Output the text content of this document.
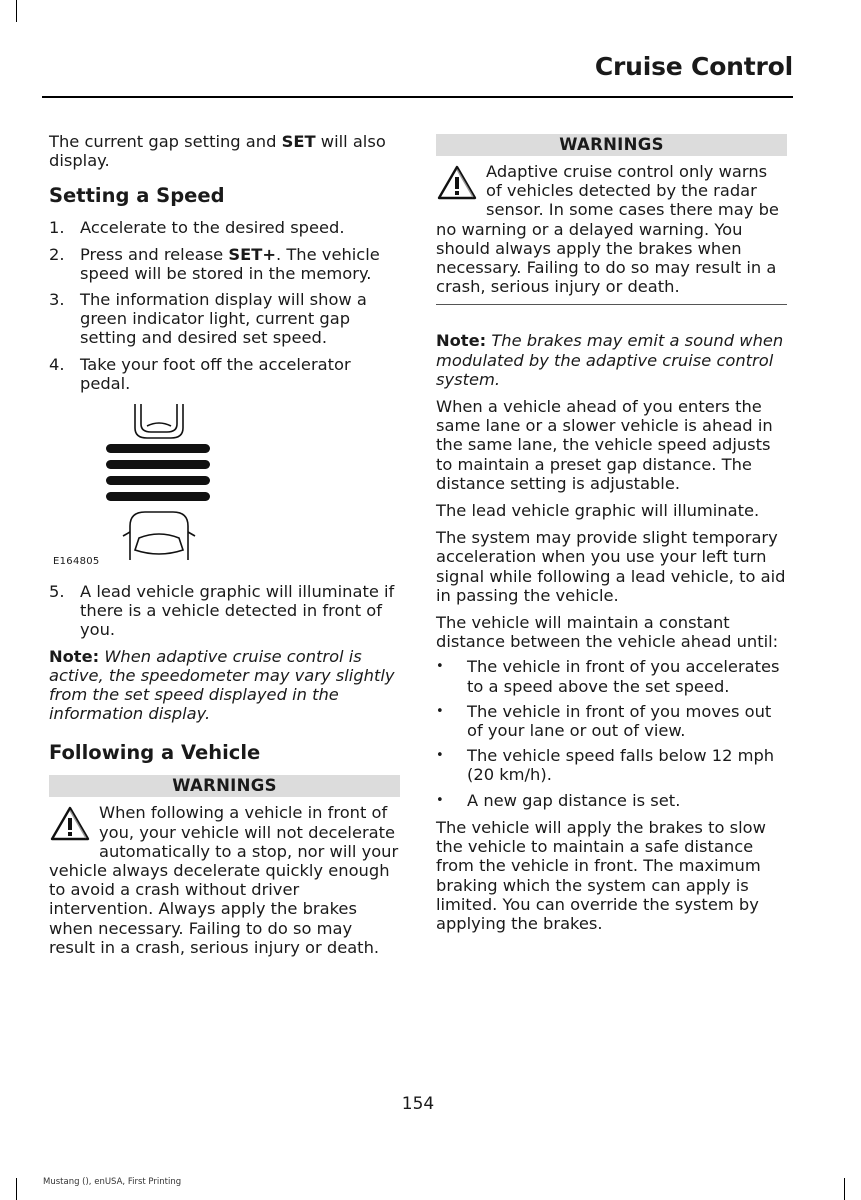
Cruise Control

The current gap setting and SET will also display.

Setting a Speed
1. Accelerate to the desired speed.
2. Press and release SET+. The vehicle speed will be stored in the memory.
3. The information display will show a green indicator light, current gap setting and desired set speed.
4. Take your foot off the accelerator pedal.
E164805
5. A lead vehicle graphic will illuminate if there is a vehicle detected in front of you.

Note: When adaptive cruise control is active, the speedometer may vary slightly from the set speed displayed in the information display.

Following a Vehicle
WARNINGS
When following a vehicle in front of you, your vehicle will not decelerate automatically to a stop, nor will your vehicle always decelerate quickly enough to avoid a crash without driver intervention. Always apply the brakes when necessary. Failing to do so may result in a crash, serious injury or death.
WARNINGS
Adaptive cruise control only warns of vehicles detected by the radar sensor. In some cases there may be no warning or a delayed warning. You should always apply the brakes when necessary. Failing to do so may result in a crash, serious injury or death.

Note: The brakes may emit a sound when modulated by the adaptive cruise control system.

When a vehicle ahead of you enters the same lane or a slower vehicle is ahead in the same lane, the vehicle speed adjusts to maintain a preset gap distance. The distance setting is adjustable.

The lead vehicle graphic will illuminate.

The system may provide slight temporary acceleration when you use your left turn signal while following a lead vehicle, to aid in passing the vehicle.

The vehicle will maintain a constant distance between the vehicle ahead until:

• The vehicle in front of you accelerates to a speed above the set speed.
• The vehicle in front of you moves out of your lane or out of view.
• The vehicle speed falls below 12 mph (20 km/h).
• A new gap distance is set.

The vehicle will apply the brakes to slow the vehicle to maintain a safe distance from the vehicle in front. The maximum braking which the system can apply is limited. You can override the system by applying the brakes.

154
Mustang (), enUSA, First Printing
